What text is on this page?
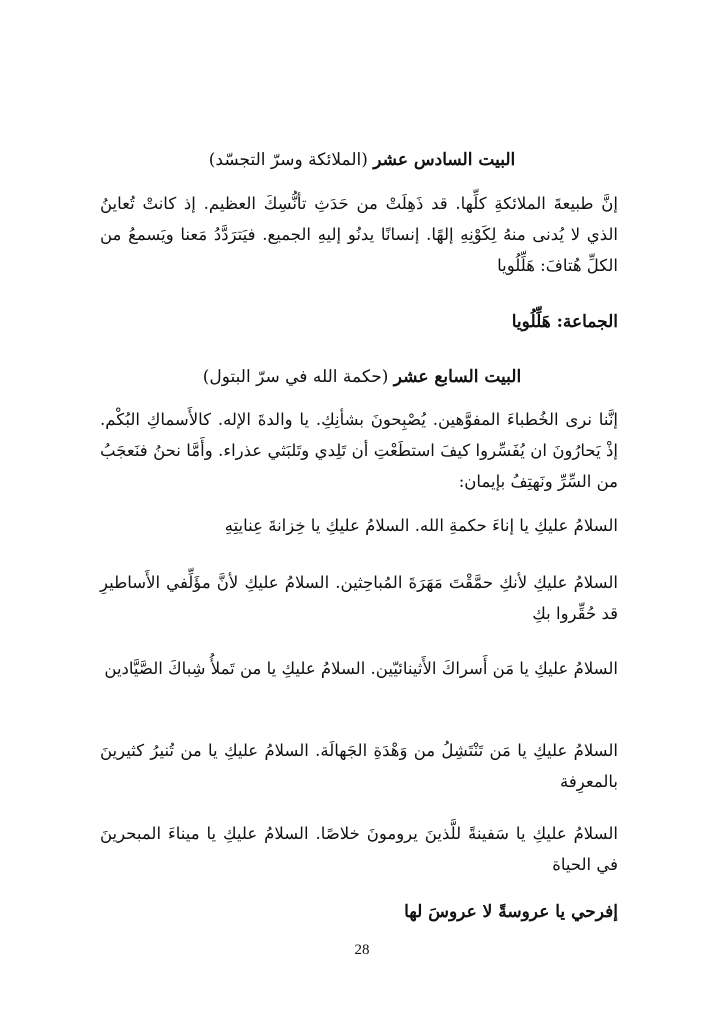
البيت السادس عشر (الملائكة وسرّ التجسّد)
إنَّ طبيعةَ الملائكةِ كلِّها. قد ذَهِلَتْ من حَدَثِ تأنُّسِكَ العظيم. إذ كانتْ تُعاينُ الذي لا يُدنى منهُ لِكَوْنِهِ إلهًا. إنسانًا يدنُو إليهِ الجميع. فيَترَدَّدُ مَعنا ويَسمعُ من الكلِّ هُتافَ: هَلِّلُويا
الجماعة: هَلِّلُويا
البيت السابع عشر (حكمة الله في سرّ البتول)
إنَّنا نرى الخُطباءَ المفوَّهين. يُصْبِحونَ بشأنِكِ. يا والدةَ الإله. كالأَسماكِ البُكْم. إذْ يَحارُونَ ان يُفَسِّروا كيفَ استطَعْتِ أن تَلِدي وتَلبَثي عذراء. وأَمَّا نحنُ فنَعجَبُ من السِّرِّ ونَهتِفُ بإيمان:
السلامُ عليكِ يا إناءَ حكمةِ الله. السلامُ عليكِ يا خِزانةَ عِنايتِهِ
السلامُ عليكِ لأنكِ حمَّقْتَ مَهَرَةَ المُباحِثين. السلامُ عليكِ لأنَّ مؤَلِّفي الأَساطيرِ قد حُقِّروا بكِ
السلامُ عليكِ يا مَن أَسراكَ الأَثينائيّين. السلامُ عليكِ يا من تَملأُ شِباكَ الصَّيَّادين
السلامُ عليكِ يا مَن تَنْتَشِلُ من وَهْدَةِ الجَهالَة. السلامُ عليكِ يا من تُنيرُ كثيرينَ بالمعرِفة
السلامُ عليكِ يا سَفينةً للَّذينَ يرومونَ خلاصًا. السلامُ عليكِ يا ميناءَ المبحرينَ في الحياة
إفرحي يا عروسةً لا عروسَ لها
28
